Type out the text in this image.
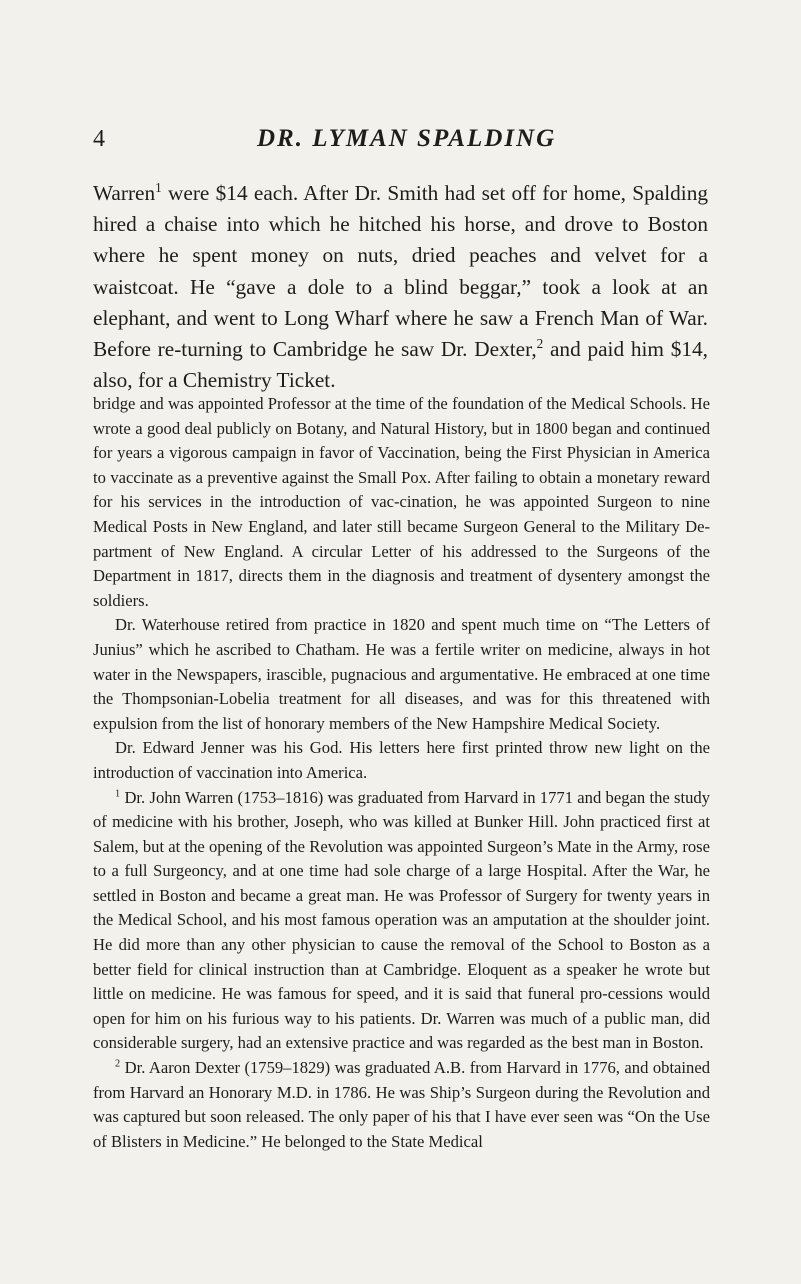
4	DR. LYMAN SPALDING

Warren$^1$ were $14 each. After Dr. Smith had set off for home, Spalding hired a chaise into which he hitched his horse, and drove to Boston where he spent money on nuts, dried peaches and velvet for a waistcoat. He “gave a dole to a blind beggar,” took a look at an elephant, and went to Long Wharf where he saw a French Man of War. Before re-turning to Cambridge he saw Dr. Dexter,$^2$ and paid him $14, also, for a Chemistry Ticket.

bridge and was appointed Professor at the time of the foundation of the Medical Schools. He wrote a good deal publicly on Botany, and Natural History, but in 1800 began and continued for years a vigorous campaign in favor of Vaccination, being the First Physician in America to vaccinate as a preventive against the Small Pox. After failing to obtain a monetary reward for his services in the introduction of vac-cination, he was appointed Surgeon to nine Medical Posts in New England, and later still became Surgeon General to the Military De-partment of New England. A circular Letter of his addressed to the Surgeons of the Department in 1817, directs them in the diagnosis and treatment of dysentery amongst the soldiers.

Dr. Waterhouse retired from practice in 1820 and spent much time on “The Letters of Junius” which he ascribed to Chatham. He was a fertile writer on medicine, always in hot water in the Newspapers, irascible, pugnacious and argumentative. He embraced at one time the Thompsonian-Lobelia treatment for all diseases, and was for this threatened with expulsion from the list of honorary members of the New Hampshire Medical Society.

Dr. Edward Jenner was his God. His letters here first printed throw new light on the introduction of vaccination into America.

$^1$ Dr. John Warren (1753–1816) was graduated from Harvard in 1771 and began the study of medicine with his brother, Joseph, who was killed at Bunker Hill. John practiced first at Salem, but at the opening of the Revolution was appointed Surgeon’s Mate in the Army, rose to a full Surgeoncy, and at one time had sole charge of a large Hospital. After the War, he settled in Boston and became a great man. He was Professor of Surgery for twenty years in the Medical School, and his most famous operation was an amputation at the shoulder joint. He did more than any other physician to cause the removal of the School to Boston as a better field for clinical instruction than at Cambridge. Eloquent as a speaker he wrote but little on medicine. He was famous for speed, and it is said that funeral pro-cessions would open for him on his furious way to his patients. Dr. Warren was much of a public man, did considerable surgery, had an extensive practice and was regarded as the best man in Boston.

$^2$ Dr. Aaron Dexter (1759–1829) was graduated A.B. from Harvard in 1776, and obtained from Harvard an Honorary M.D. in 1786. He was Ship’s Surgeon during the Revolution and was captured but soon released. The only paper of his that I have ever seen was “On the Use of Blisters in Medicine.” He belonged to the State Medical
